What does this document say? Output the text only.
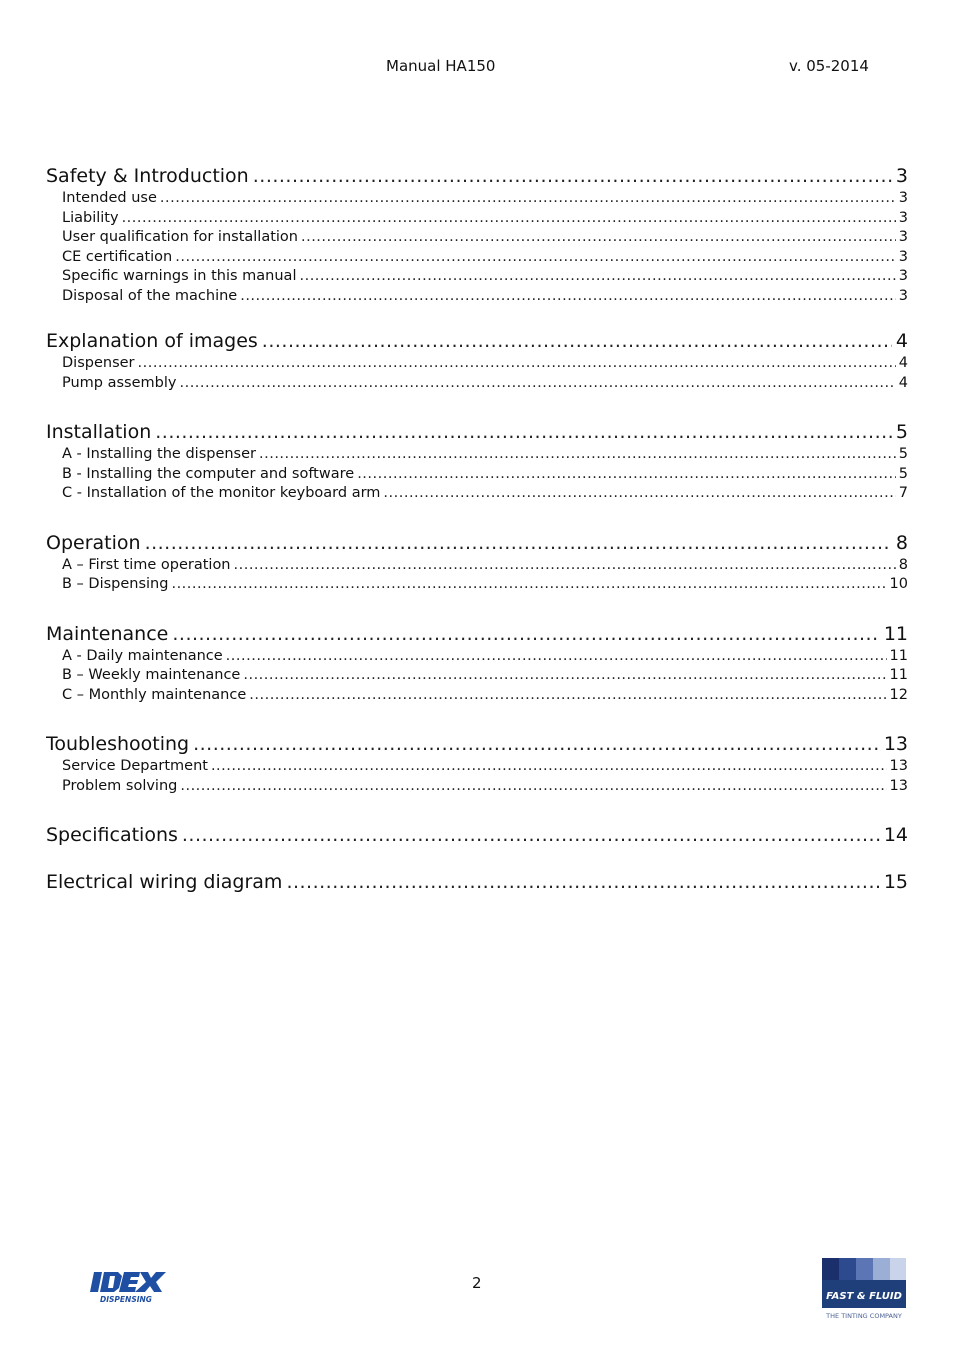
Manual HA150	v. 05-2014
Safety & Introduction .....	3
Intended use .....	3
Liability .....	3
User qualification for installation .....	3
CE certification .....	3
Specific warnings in this manual .....	3
Disposal of the machine .....	3
Explanation of images .....	4
Dispenser .....	4
Pump assembly .....	4
Installation .....	5
A - Installing the dispenser .....	5
B - Installing the computer and software .....	5
C - Installation of the monitor keyboard arm .....	7
Operation .....	8
A – First time operation .....	8
B – Dispensing .....	10
Maintenance .....	11
A - Daily maintenance .....	11
B – Weekly maintenance .....	11
C – Monthly maintenance .....	12
Toubleshooting .....	13
Service Department .....	13
Problem solving .....	13
Specifications .....	14
Electrical wiring diagram .....	15
DISPENSING
2
FAST & FLUID
THE TINTING COMPANY
